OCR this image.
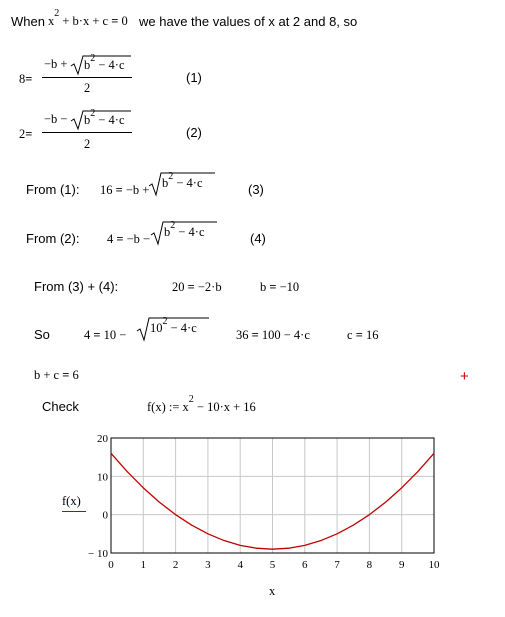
When $x^2 + b\cdot x + c = 0$ we have the values of x at 2 and 8, so
8=
$-b + b^2 - 4\cdot c$
2
(1)
2=
$-b - b^2 - 4\cdot c$
2
(2)
From (1): $16 = -b + b^2 - 4\cdot c$	(3)
From (2): $4 = -b - b^2 - 4\cdot c$	(4)
From (3) + (4):	20 = −2·b	b = −10
So	$4 = 10 - 10^2 - 4\cdot c$	36 = 100 − 4·c	c = 16
b + c = 6	+
Check	f(x) := $x^2 - 10\cdot x + 16$
0 1 2 3 4 5 6 7 8 9 10
20
10
0
− 10
f(x)
x
